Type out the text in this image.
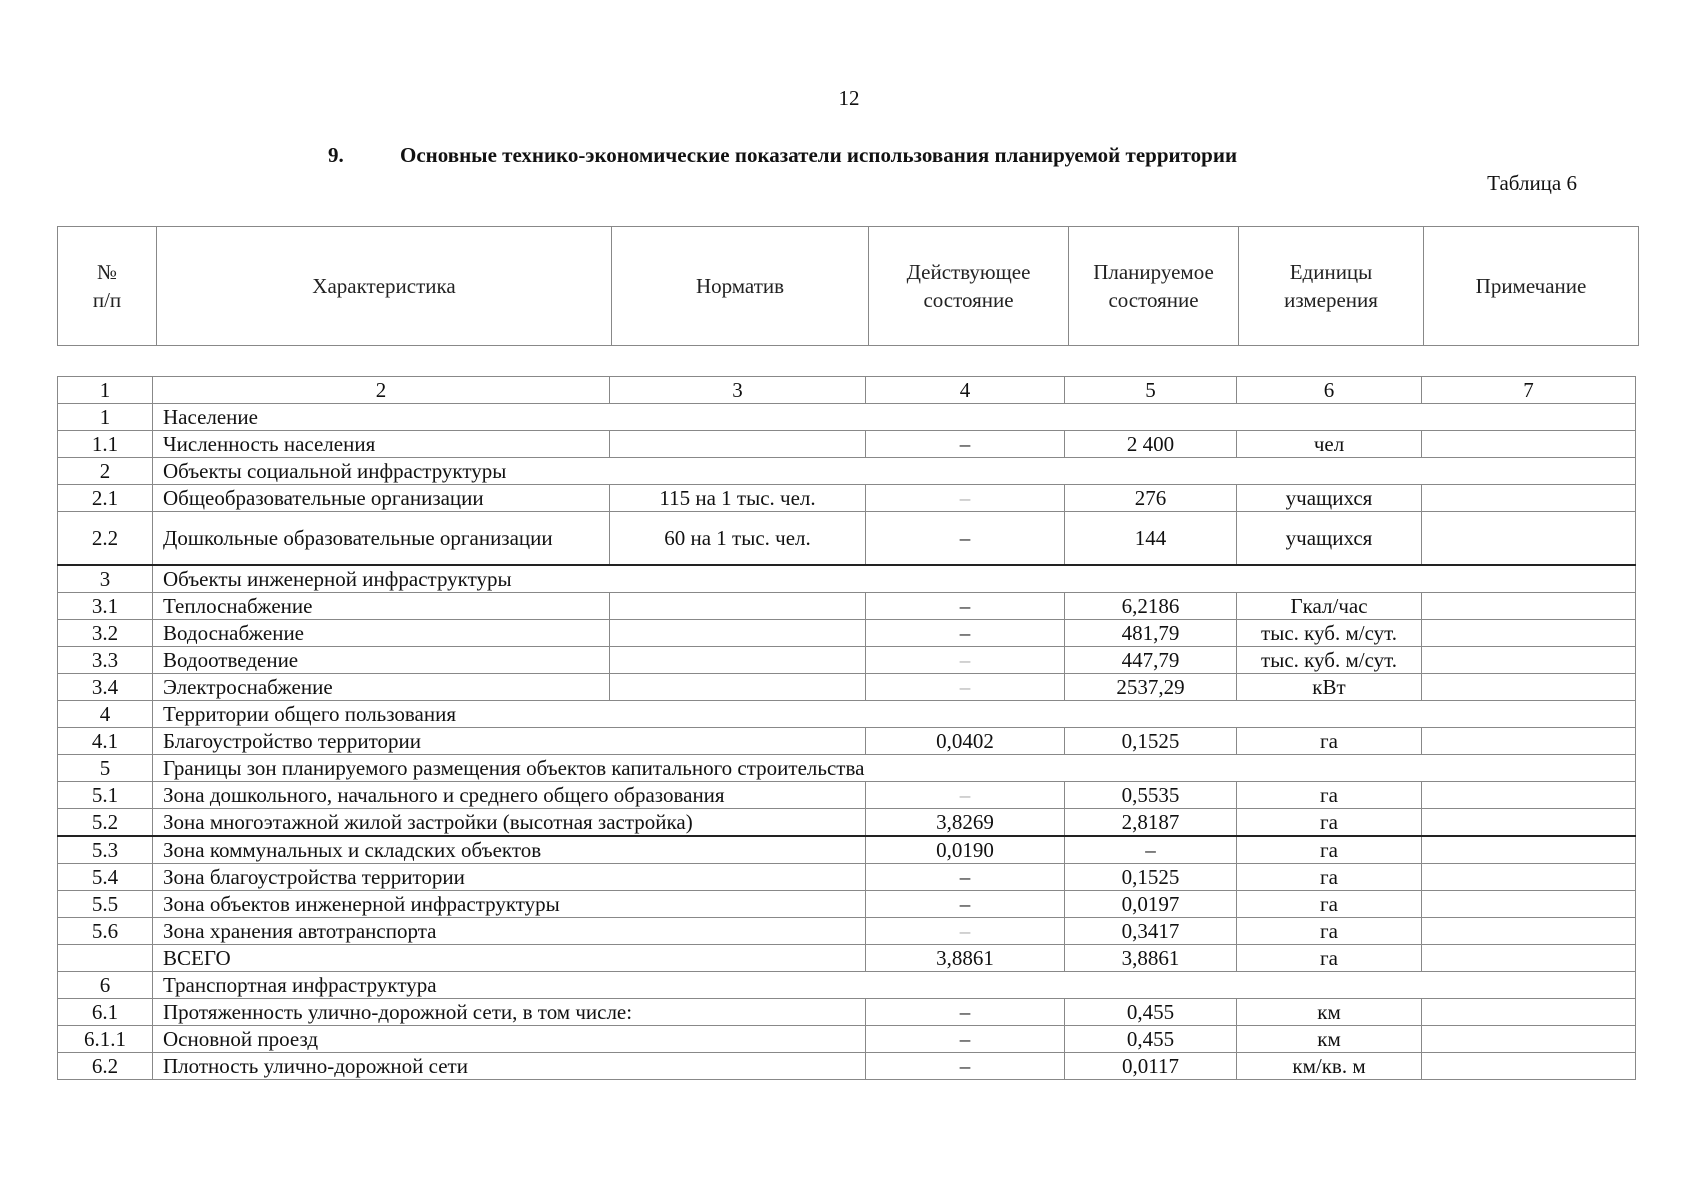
12
9.	Основные технико-экономические показатели использования планируемой территории
Таблица 6
№ п/п	Характеристика	Норматив	Действующее состояние	Планируемое состояние	Единицы измерения	Примечание
1	2	3	4	5	6	7
1	Население					
1.1	Численность населения		–	2 400	чел	
2	Объекты социальной инфраструктуры					
2.1	Общеобразовательные организации	115 на 1 тыс. чел.	–	276	учащихся	
2.2	Дошкольные образовательные организации	60 на 1 тыс. чел.	–	144	учащихся	
3	Объекты инженерной инфраструктуры					
3.1	Теплоснабжение		–	6,2186	Гкал/час	
3.2	Водоснабжение		–	481,79	тыс. куб. м/сут.	
3.3	Водоотведение		–	447,79	тыс. куб. м/сут.	
3.4	Электроснабжение		–	2537,29	кВт	
4	Территории общего пользования					
4.1	Благоустройство территории		0,0402	0,1525	га	
5	Границы зон планируемого размещения объектов капитального строительства					
5.1	Зона дошкольного, начального и среднего общего образования		–	0,5535	га	
5.2	Зона многоэтажной жилой застройки (высотная застройка)		3,8269	2,8187	га	
5.3	Зона коммунальных и складских объектов		0,0190	–	га	
5.4	Зона благоустройства территории		–	0,1525	га	
5.5	Зона объектов инженерной инфраструктуры		–	0,0197	га	
5.6	Зона хранения автотранспорта		–	0,3417	га	
	ВСЕГО		3,8861	3,8861	га	
6	Транспортная инфраструктура					
6.1	Протяженность улично-дорожной сети, в том числе:		–	0,455	км	
6.1.1	Основной проезд		–	0,455	км	
6.2	Плотность улично-дорожной сети		–	0,0117	км/кв. м	
